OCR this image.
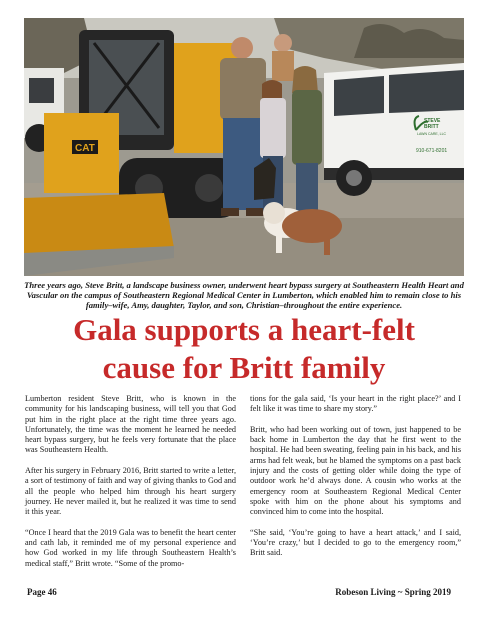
CAT
STEVE
BRITT
LAWN CARE, LLC
910-671-8201
Three years ago, Steve Britt, a landscape business owner, underwent heart bypass surgery at Southeastern Health Heart and Vascular on the campus of Southeastern Regional Medical Center in Lumberton, which enabled him to remain close to his family–wife, Amy, daughter, Taylor, and son, Christian–throughout the entire experience.
Gala supports a heart-felt
cause for Britt family

Lumberton resident Steve Britt, who is known in the community for his landscaping business, will tell you that God put him in the right place at the right time three years ago. Unfortunately, the time was the moment he learned he needed heart bypass surgery, but he feels very fortunate that the place was Southeastern Health.

After his surgery in February 2016, Britt started to write a letter, a sort of testimony of faith and way of giving thanks to God and all the people who helped him through his heart surgery journey. He never mailed it, but he realized it was time to send it this year.

“Once I heard that the 2019 Gala was to benefit the heart center and cath lab, it reminded me of my personal experience and how God worked in my life through Southeastern Health’s medical staff,” Britt wrote. “Some of the promo-

tions for the gala said, ‘Is your heart in the right place?’ and I felt like it was time to share my story.”

Britt, who had been working out of town, just happened to be back home in Lumberton the day that he first went to the hospital. He had been sweating, feeling pain in his back, and his arms had felt weak, but he blamed the symptoms on a past back injury and the costs of getting older while doing the type of outdoor work he’d always done. A cousin who works at the emergency room at Southeastern Regional Medical Center spoke with him on the phone about his symptoms and convinced him to come into the hospital.

“She said, ‘You’re going to have a heart attack,’ and I said, ‘You’re crazy,’ but I decided to go to the emergency room,” Britt said.

Page 46	Robeson Living ~ Spring 2019
